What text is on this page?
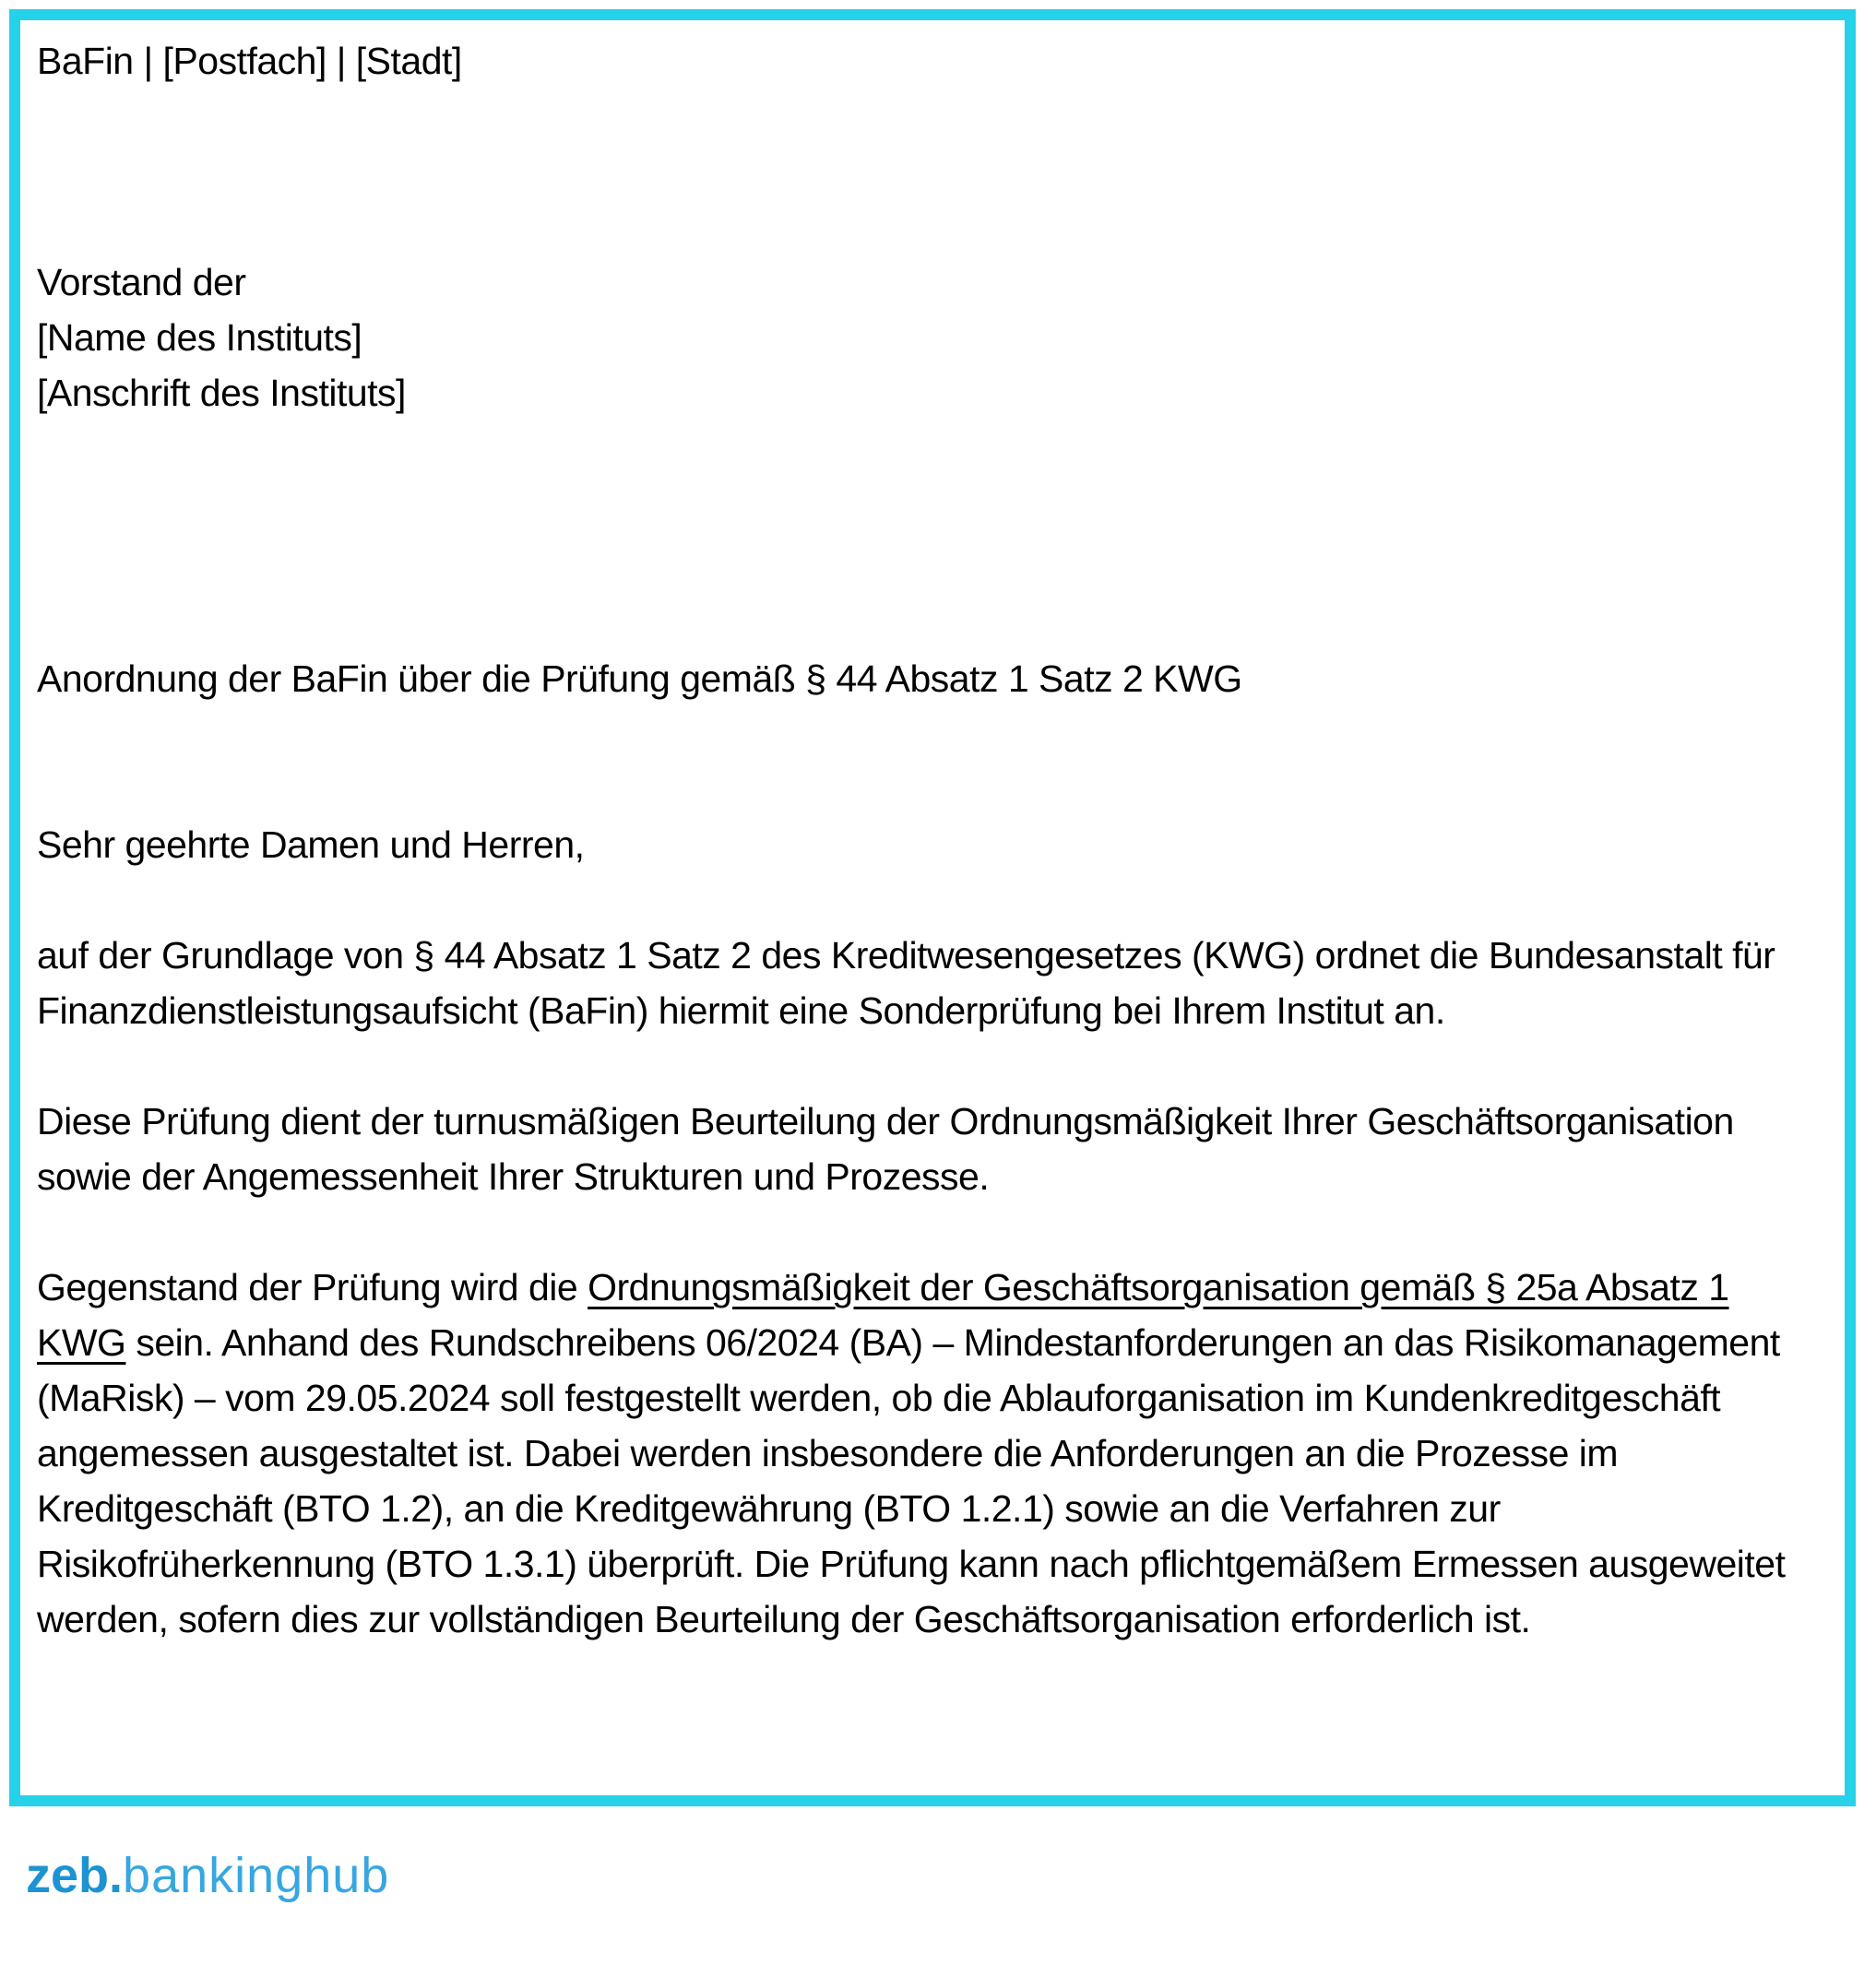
BaFin | [Postfach] | [Stadt]
Vorstand der
[Name des Instituts]
[Anschrift des Instituts]
Anordnung der BaFin über die Prüfung gemäß § 44 Absatz 1 Satz 2 KWG
Sehr geehrte Damen und Herren,
auf der Grundlage von § 44 Absatz 1 Satz 2 des Kreditwesengesetzes (KWG) ordnet die Bundesanstalt für Finanzdienstleistungsaufsicht (BaFin) hiermit eine Sonderprüfung bei Ihrem Institut an.
Diese Prüfung dient der turnusmäßigen Beurteilung der Ordnungsmäßigkeit Ihrer Geschäftsorganisation sowie der Angemessenheit Ihrer Strukturen und Prozesse.
Gegenstand der Prüfung wird die Ordnungsmäßigkeit der Geschäftsorganisation gemäß § 25a Absatz 1 KWG sein. Anhand des Rundschreibens 06/2024 (BA) – Mindestanforderungen an das Risikomanagement (MaRisk) – vom 29.05.2024 soll festgestellt werden, ob die Ablauforganisation im Kundenkreditgeschäft angemessen ausgestaltet ist. Dabei werden insbesondere die Anforderungen an die Prozesse im Kreditgeschäft (BTO 1.2), an die Kreditgewährung (BTO 1.2.1) sowie an die Verfahren zur Risikofrüherkennung (BTO 1.3.1) überprüft. Die Prüfung kann nach pflichtgemäßem Ermessen ausgeweitet werden, sofern dies zur vollständigen Beurteilung der Geschäftsorganisation erforderlich ist.
zeb.bankinghub
